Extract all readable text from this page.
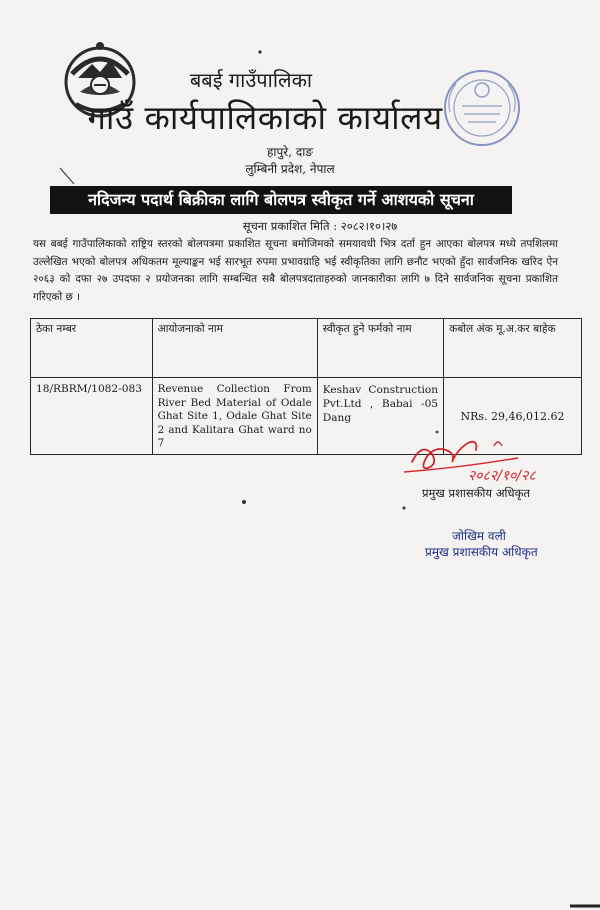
बबई गाउँपालिका
गाउँ कार्यपालिकाको कार्यालय
हापुरे, दाङ
लुम्बिनी प्रदेश, नेपाल
नदिजन्य पदार्थ बिक्रीका लागि बोलपत्र स्वीकृत गर्ने आशयको सूचना
सूचना प्रकाशित मिति : २०८२।१०।२७
यस बबई गाउँपालिकाको राष्ट्रिय स्तरको बोलपत्रमा प्रकाशित सूचना बमोजिमको समयावधी भित्र दर्ता हुन आएका बोलपत्र मध्ये तपशिलमा उल्लेखित भएको बोलपत्र अधिकतम मूल्याङ्कन भई सारभूत रुपमा प्रभावग्राहि भई स्वीकृतिका लागि छनौट भएको हुँदा सार्वजनिक खरिद ऐन २०६३ को दफा २७ उपदफा २ प्रयोजनका लागि सम्बन्धित सबै बोलपत्रदाताहरुको जानकारीका लागि ७ दिने सार्वजनिक सूचना प्रकाशित गरिएको छ ।
ठेका नम्बर	आयोजनाको नाम	स्वीकृत हुने फर्मको नाम	कबोल अंक मू.अ.कर बाहेक
18/RBRM/1082-083	Revenue Collection From River Bed Material of Odale Ghat Site 1, Odale Ghat Site 2 and Kalitara Ghat ward no 7	Keshav Construction Pvt.Ltd , Babai -05 Dang	NRs. 29,46,012.62
२०८२/१०/२८
प्रमुख प्रशासकीय अधिकृत
जोखिम वली
प्रमुख प्रशासकीय अधिकृत
